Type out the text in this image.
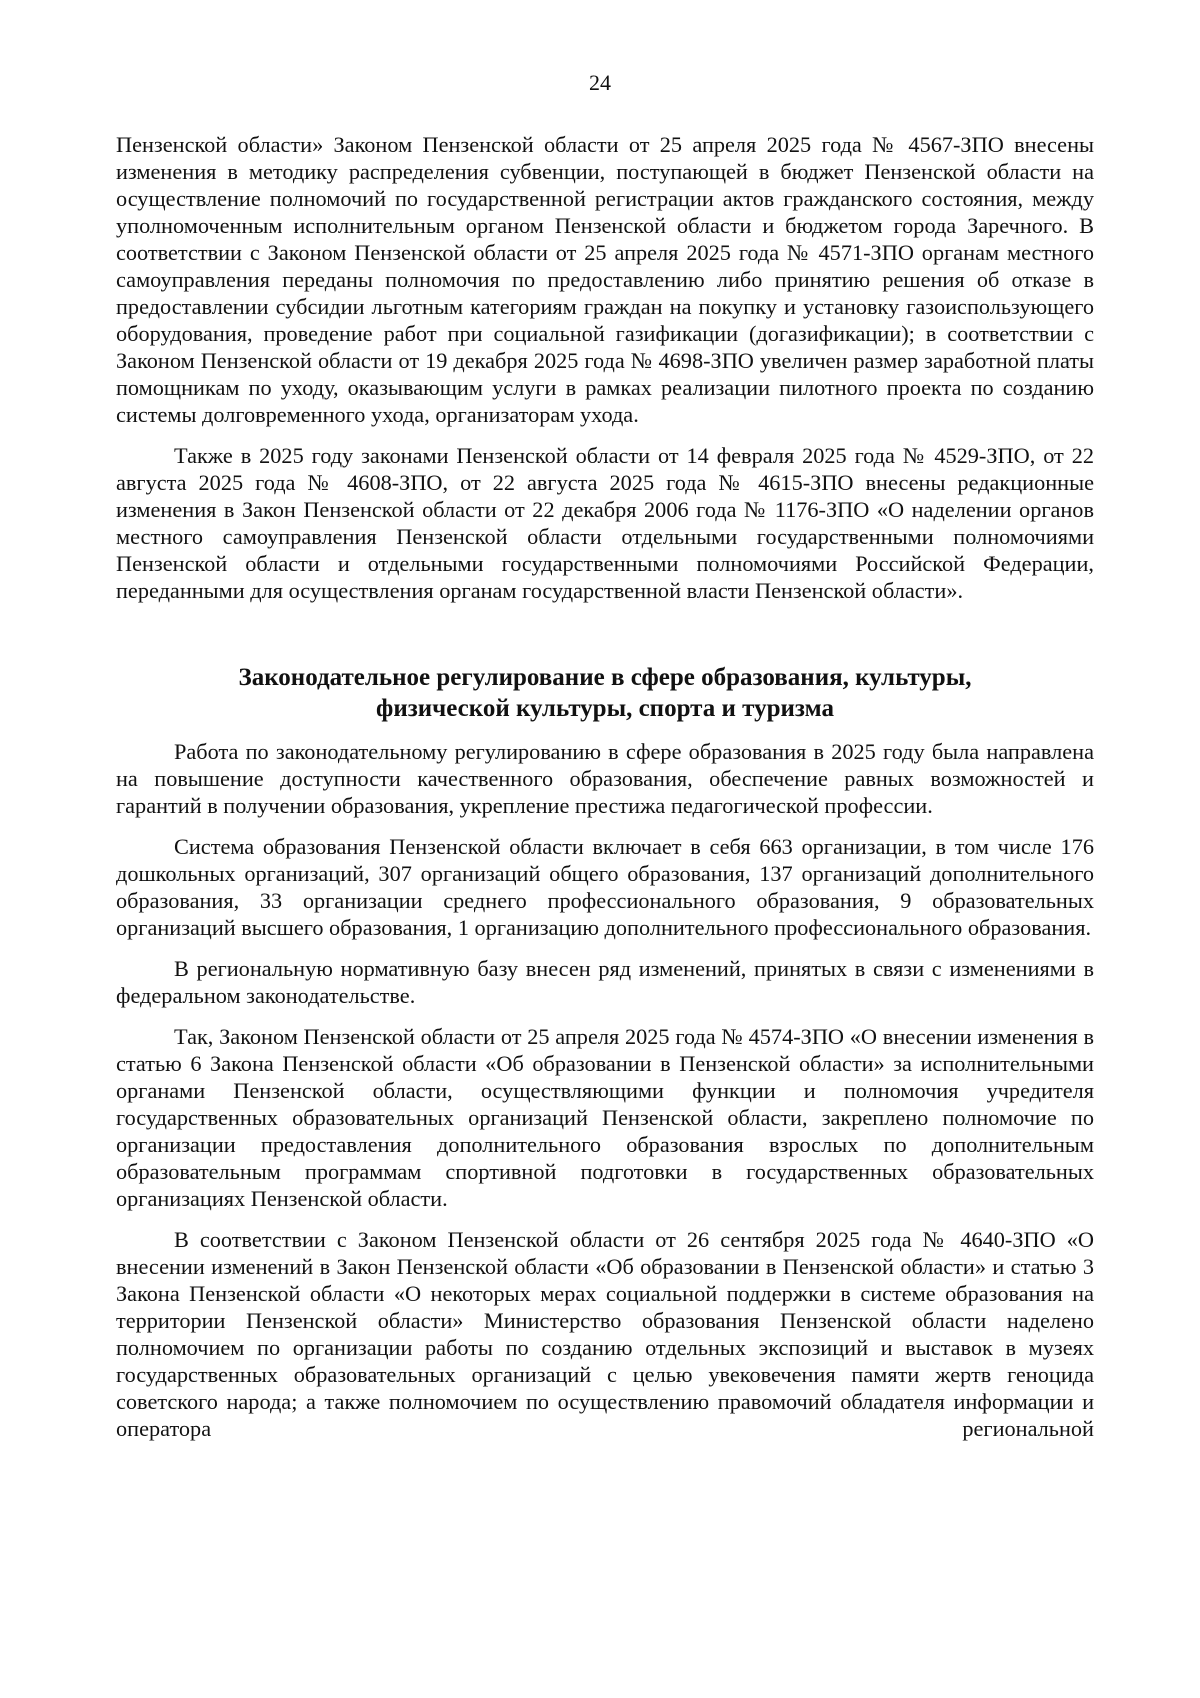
24

Пензенской области» Законом Пензенской области от 25 апреля 2025 года № 4567-ЗПО внесены изменения в методику распределения субвенции, поступающей в бюджет Пензенской области на осуществление полномочий по государственной регистрации актов гражданского состояния, между уполномоченным исполнительным органом Пензенской области и бюджетом города Заречного. В соответствии с Законом Пензенской области от 25 апреля 2025 года № 4571-ЗПО органам местного самоуправления переданы полномочия по предоставлению либо принятию решения об отказе в предоставлении субсидии льготным категориям граждан на покупку и установку газоиспользующего оборудования, проведение работ при социальной газификации (догазификации); в соответствии с Законом Пензенской области от 19 декабря 2025 года № 4698-ЗПО увеличен размер заработной платы помощникам по уходу, оказывающим услуги в рамках реализации пилотного проекта по созданию системы долговременного ухода, организаторам ухода.

Также в 2025 году законами Пензенской области от 14 февраля 2025 года № 4529-ЗПО, от 22 августа 2025 года № 4608-ЗПО, от 22 августа 2025 года № 4615-ЗПО внесены редакционные изменения в Закон Пензенской области от 22 декабря 2006 года № 1176-ЗПО «О наделении органов местного самоуправления Пензенской области отдельными государственными полномочиями Пензенской области и отдельными государственными полномочиями Российской Федерации, переданными для осуществления органам государственной власти Пензенской области».

Законодательное регулирование в сфере образования, культуры,
физической культуры, спорта и туризма

Работа по законодательному регулированию в сфере образования в 2025 году была направлена на повышение доступности качественного образования, обеспечение равных возможностей и гарантий в получении образования, укрепление престижа педагогической профессии.

Система образования Пензенской области включает в себя 663 организации, в том числе 176 дошкольных организаций, 307 организаций общего образования, 137 организаций дополнительного образования, 33 организации среднего профессионального образования, 9 образовательных организаций высшего образования, 1 организацию дополнительного профессионального образования.

В региональную нормативную базу внесен ряд изменений, принятых в связи с изменениями в федеральном законодательстве.

Так, Законом Пензенской области от 25 апреля 2025 года № 4574-ЗПО «О внесении изменения в статью 6 Закона Пензенской области «Об образовании в Пензенской области» за исполнительными органами Пензенской области, осуществляющими функции и полномочия учредителя государственных образовательных организаций Пензенской области, закреплено полномочие по организации предоставления дополнительного образования взрослых по дополнительным образовательным программам спортивной подготовки в государственных образовательных организациях Пензенской области.

В соответствии с Законом Пензенской области от 26 сентября 2025 года № 4640-ЗПО «О внесении изменений в Закон Пензенской области «Об образовании в Пензенской области» и статью 3 Закона Пензенской области «О некоторых мерах социальной поддержки в системе образования на территории Пензенской области» Министерство образования Пензенской области наделено полномочием по организации работы по созданию отдельных экспозиций и выставок в музеях государственных образовательных организаций с целью увековечения памяти жертв геноцида советского народа; а также полномочием по осуществлению правомочий обладателя информации и оператора региональной
